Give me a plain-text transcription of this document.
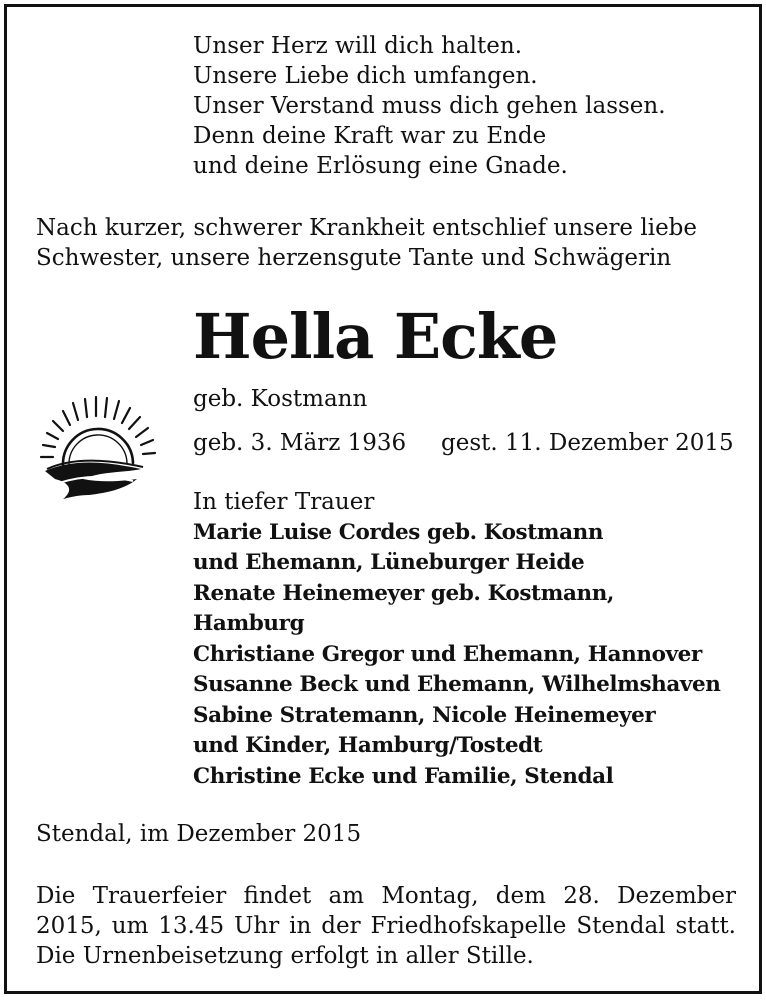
Unser Herz will dich halten.
Unsere Liebe dich umfangen.
Unser Verstand muss dich gehen lassen.
Denn deine Kraft war zu Ende
und deine Erlösung eine Gnade.
Nach kurzer, schwerer Krankheit entschlief unsere liebe
Schwester, unsere herzensgute Tante und Schwägerin
Hella Ecke
geb. Kostmann
geb. 3. März 1936 gest. 11. Dezember 2015
In tiefer Trauer
Marie Luise Cordes geb. Kostmann
und Ehemann, Lüneburger Heide
Renate Heinemeyer geb. Kostmann,
Hamburg
Christiane Gregor und Ehemann, Hannover
Susanne Beck und Ehemann, Wilhelmshaven
Sabine Stratemann, Nicole Heinemeyer
und Kinder, Hamburg/Tostedt
Christine Ecke und Familie, Stendal
Stendal, im Dezember 2015
Die Trauerfeier findet am Montag, dem 28. Dezember
2015, um 13.45 Uhr in der Friedhofskapelle Stendal statt.
Die Urnenbeisetzung erfolgt in aller Stille.
